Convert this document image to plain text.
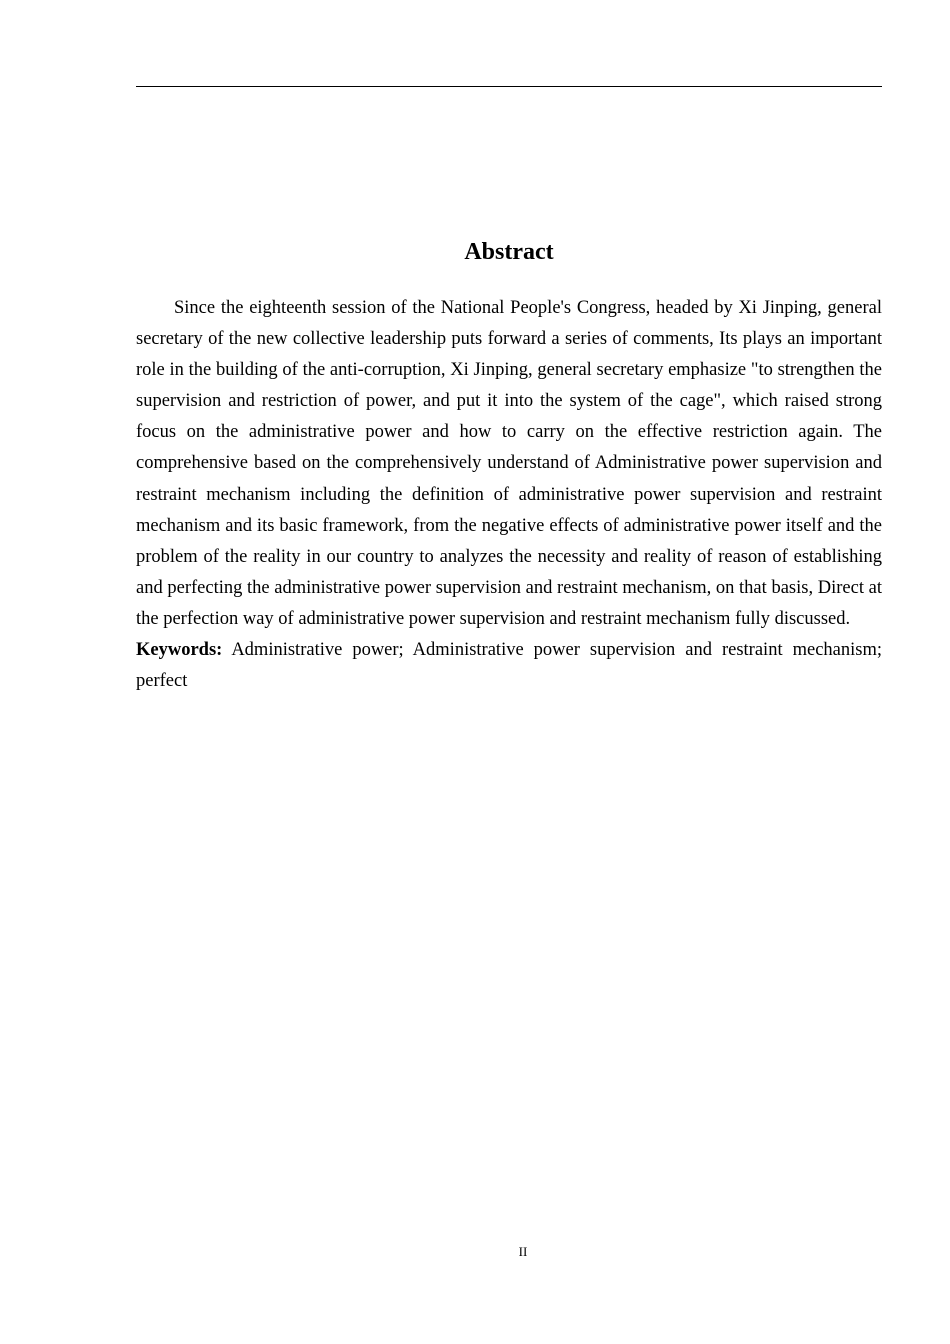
Abstract

Since the eighteenth session of the National People's Congress, headed by Xi Jinping, general secretary of the new collective leadership puts forward a series of comments, Its plays an important role in the building of the anti-corruption, Xi Jinping, general secretary emphasize "to strengthen the supervision and restriction of power, and put it into the system of the cage", which raised strong focus on the administrative power and how to carry on the effective restriction again. The comprehensive based on the comprehensively understand of Administrative power supervision and restraint mechanism including the definition of administrative power supervision and restraint mechanism and its basic framework, from the negative effects of administrative power itself and the problem of the reality in our country to analyzes the necessity and reality of reason of establishing and perfecting the administrative power supervision and restraint mechanism, on that basis, Direct at the perfection way of administrative power supervision and restraint mechanism fully discussed.

Keywords: Administrative power; Administrative power supervision and restraint mechanism; perfect

II
